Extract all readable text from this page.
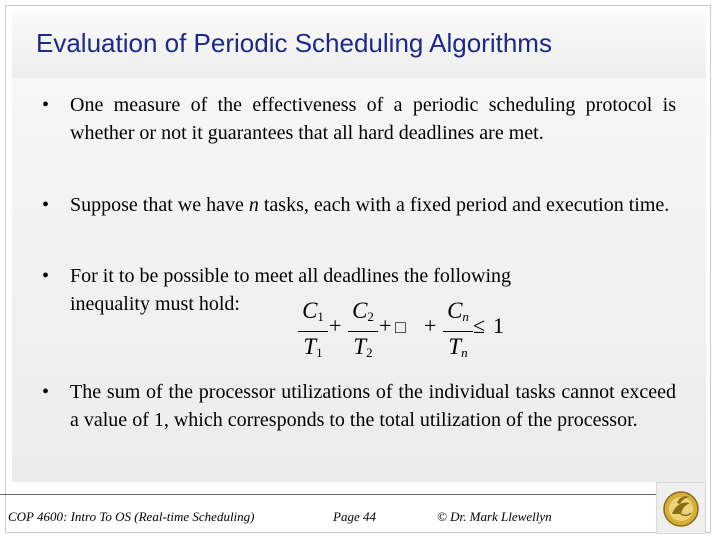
Evaluation of Periodic Scheduling Algorithms
• One measure of the effectiveness of a periodic scheduling protocol is whether or not it guarantees that all hard deadlines are met.
• Suppose that we have n tasks, each with a fixed period and execution time.
• For it to be possible to meet all deadlines the following
inequality must hold:	$C_1$
$T_1$
+
$C_2$
$T_2$
+ □ +
$C_n$
$T_n$
≤ 1
• The sum of the processor utilizations of the individual tasks cannot exceed a value of 1, which corresponds to the total utilization of the processor.
COP 4600: Intro To OS (Real-time Scheduling)	Page 44	© Dr. Mark Llewellyn
